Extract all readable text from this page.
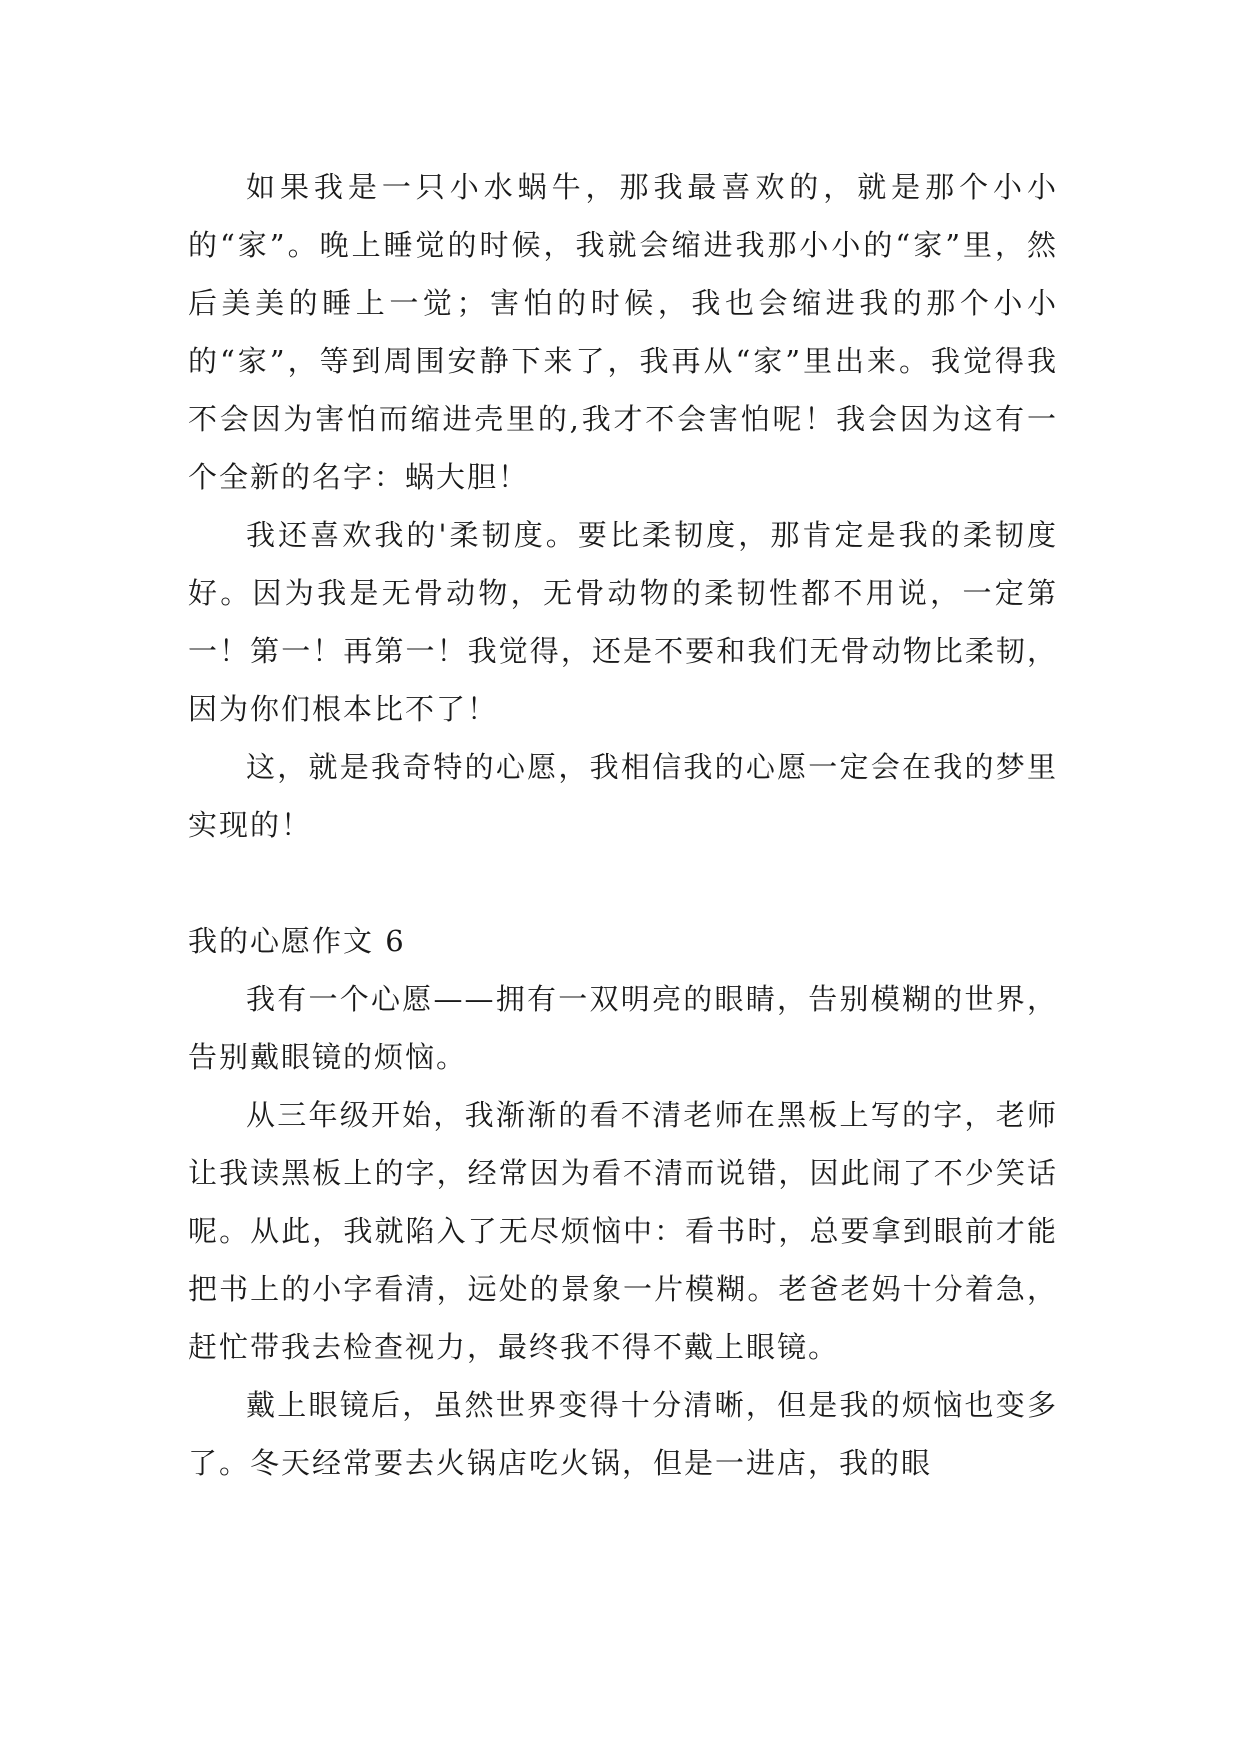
如果我是一只小水蜗牛，那我最喜欢的，就是那个小小的“家”。晚上睡觉的时候，我就会缩进我那小小的“家”里，然后美美的睡上一觉；害怕的时候，我也会缩进我的那个小小的“家”，等到周围安静下来了，我再从“家”里出来。我觉得我不会因为害怕而缩进壳里的,我才不会害怕呢！我会因为这有一个全新的名字：蜗大胆！

我还喜欢我的'柔韧度。要比柔韧度，那肯定是我的柔韧度好。因为我是无骨动物，无骨动物的柔韧性都不用说，一定第一！第一！再第一！我觉得，还是不要和我们无骨动物比柔韧，因为你们根本比不了！

这，就是我奇特的心愿，我相信我的心愿一定会在我的梦里实现的！

我的心愿作文 6

我有一个心愿——拥有一双明亮的眼睛，告别模糊的世界，告别戴眼镜的烦恼。

从三年级开始，我渐渐的看不清老师在黑板上写的字，老师让我读黑板上的字，经常因为看不清而说错，因此闹了不少笑话呢。从此，我就陷入了无尽烦恼中：看书时，总要拿到眼前才能把书上的小字看清，远处的景象一片模糊。老爸老妈十分着急，赶忙带我去检查视力，最终我不得不戴上眼镜。

戴上眼镜后，虽然世界变得十分清晰，但是我的烦恼也变多了。冬天经常要去火锅店吃火锅，但是一进店，我的眼
